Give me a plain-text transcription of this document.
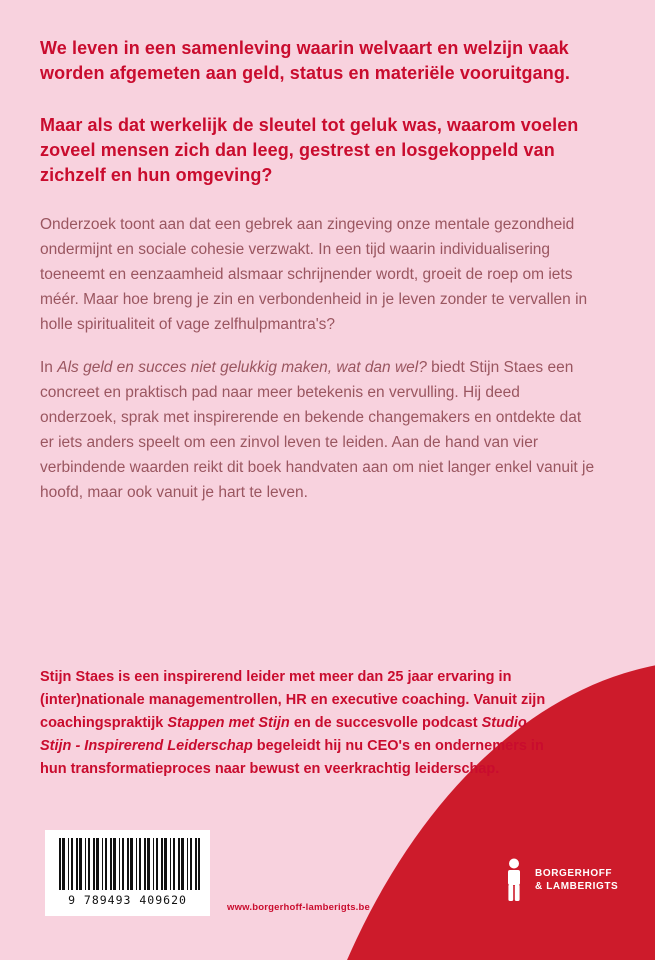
We leven in een samenleving waarin welvaart en welzijn vaak worden afgemeten aan geld, status en materiële vooruitgang.

Maar als dat werkelijk de sleutel tot geluk was, waarom voelen zoveel mensen zich dan leeg, gestrest en losgekoppeld van zichzelf en hun omgeving?

Onderzoek toont aan dat een gebrek aan zingeving onze mentale gezondheid ondermijnt en sociale cohesie verzwakt. In een tijd waarin individualisering toeneemt en eenzaamheid alsmaar schrijnender wordt, groeit de roep om iets méér. Maar hoe breng je zin en verbondenheid in je leven zonder te vervallen in holle spiritualiteit of vage zelfhulpmantra's?

In Als geld en succes niet gelukkig maken, wat dan wel? biedt Stijn Staes een concreet en praktisch pad naar meer betekenis en vervulling. Hij deed onderzoek, sprak met inspirerende en bekende changemakers en ontdekte dat er iets anders speelt om een zinvol leven te leiden. Aan de hand van vier verbindende waarden reikt dit boek handvaten aan om niet langer enkel vanuit je hoofd, maar ook vanuit je hart te leven.

Stijn Staes is een inspirerend leider met meer dan 25 jaar ervaring in (inter)nationale managementrollen, HR en executive coaching. Vanuit zijn coachingspraktijk Stappen met Stijn en de succesvolle podcast Studio Stijn - Inspirerend Leiderschap begeleidt hij nu CEO's en ondernemers in hun transformatieproces naar bewust en veerkrachtig leiderschap.

9 789493 409620
www.borgerhoff-lamberigts.be
BORGERHOFF
& LAMBERIGTS
